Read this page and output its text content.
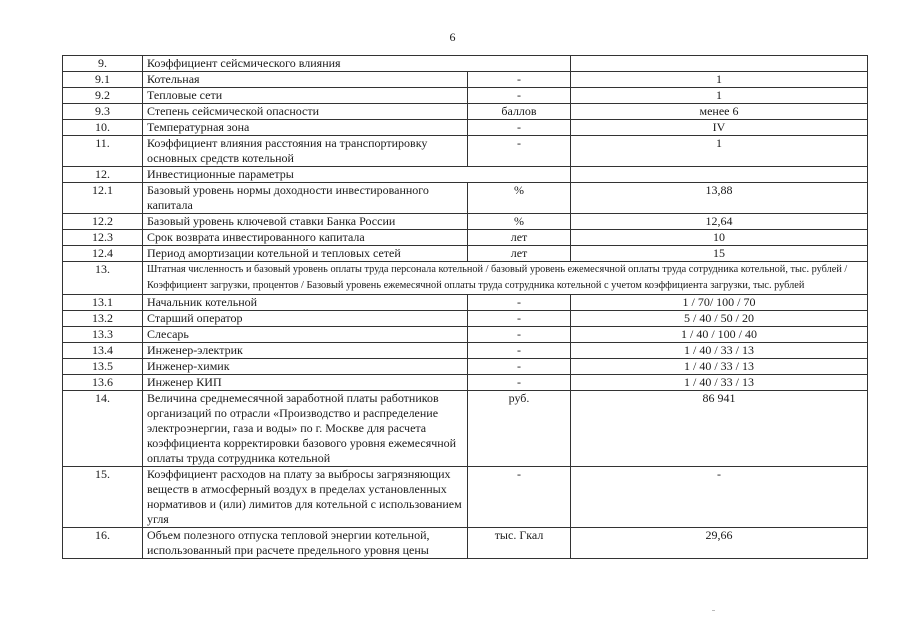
6
9.	Коэффициент сейсмического влияния		
9.1	Котельная	-	1
9.2	Тепловые сети	-	1
9.3	Степень сейсмической опасности	баллов	менее 6
10.	Температурная зона	-	IV
11.	Коэффициент влияния расстояния на транспортировку основных средств котельной	-	1
12.	Инвестиционные параметры		
12.1	Базовый уровень нормы доходности инвестированного капитала	%	13,88
12.2	Базовый уровень ключевой ставки Банка России	%	12,64
12.3	Срок возврата инвестированного капитала	лет	10
12.4	Период амортизации котельной и тепловых сетей	лет	15
13.	Штатная численность и базовый уровень оплаты труда персонала котельной / базовый уровень ежемесячной оплаты труда сотрудника котельной, тыс. рублей / Коэффициент загрузки, процентов / Базовый уровень ежемесячной оплаты труда сотрудника котельной с учетом коэффициента загрузки, тыс. рублей		
13.1	Начальник котельной	-	1 / 70/ 100 / 70
13.2	Старший оператор	-	5 / 40 / 50 / 20
13.3	Слесарь	-	1 / 40 / 100 / 40
13.4	Инженер-электрик	-	1 / 40 / 33 / 13
13.5	Инженер-химик	-	1 / 40 / 33 / 13
13.6	Инженер КИП	-	1 / 40 / 33 / 13
14.	Величина среднемесячной заработной платы работников организаций по отрасли «Производство и распределение электроэнергии, газа и воды» по г. Москве для расчета коэффициента корректировки базового уровня ежемесячной оплаты труда сотрудника котельной	руб.	86 941
15.	Коэффициент расходов на плату за выбросы загрязняющих веществ в атмосферный воздух в пределах установленных нормативов и (или) лимитов для котельной с использованием угля	-	-
16.	Объем полезного отпуска тепловой энергии котельной, использованный при расчете предельного уровня цены	тыс. Гкал	29,66
